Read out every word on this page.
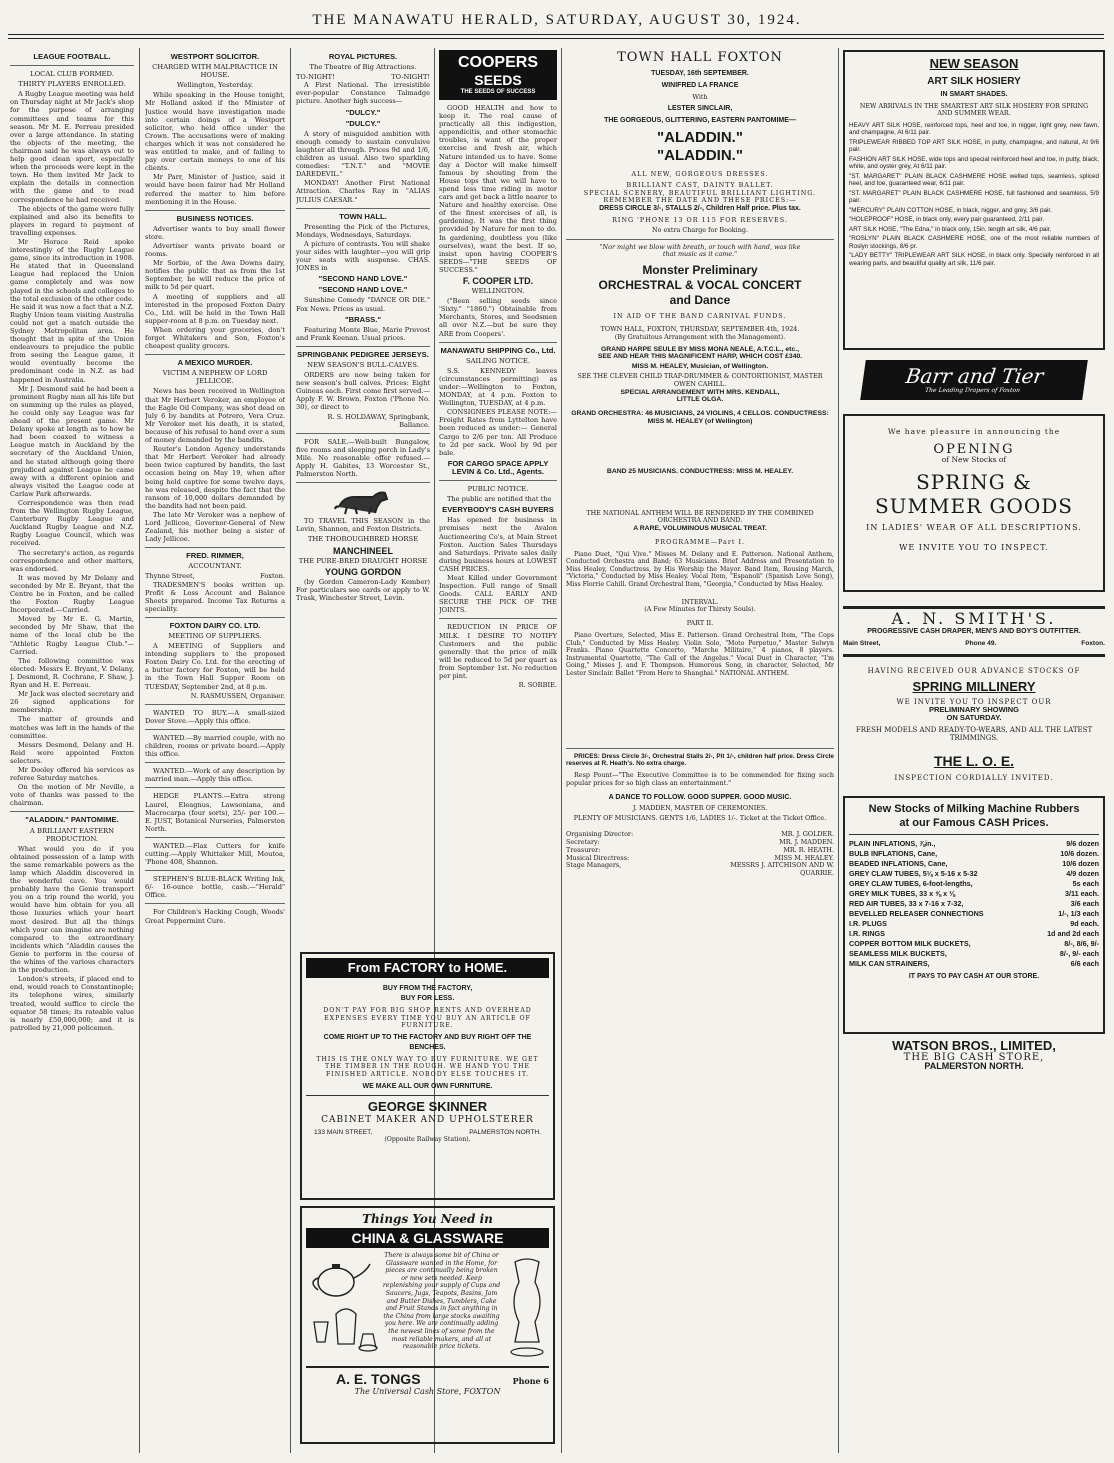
THE MANAWATU HERALD, SATURDAY, AUGUST 30, 1924.
LEAGUE FOOTBALL.
LOCAL CLUB FORMED.
THIRTY PLAYERS ENROLLED.
A Rugby League meeting was held on Thursday night at Mr Jack's shop for the purpose of arranging committees and teams for this season. Mr M. E. Perreau presided over a large attendance. In stating the objects of the meeting, the chairman said he was always out to help good clean sport, especially when the proceeds were kept in the town. He then invited Mr Jack to explain the details in connection with the game and to read correspondence he had received.
The objects of the game were fully explained and also its benefits to players in regard to payment of travelling expenses.
Mr Horace Reid spoke interestingly of the Rugby League game, since its introduction in 1908. He stated that in Queensland League had replaced the Union game completely and was now played in the schools and colleges to the total exclusion of the other code. He said it was now a fact that a N.Z. Rugby Union team visiting Australia could not get a match outside the Sydney Metropolitan area. He thought that in spite of the Union endeavours to prejudice the public from seeing the League game, it would eventually become the predominant code in N.Z. as had happened in Australia.
Mr J. Desmond said he had been a prominent Rugby man all his life but on summing up the rules as played, he could only say League was far ahead of the present game. Mr Delany spoke at length as to how he had been coaxed to witness a League match in Auckland by the secretary of the Auckland Union, and he stated although going there prejudiced against League he came away with a different opinion and always visited the League code at Carlaw Park afterwards.
Correspondence was then read from the Wellington Rugby League, Canterbury Rugby League and Auckland Rugby League and N.Z. Rugby League Council, which was received.
The secretary's action, as regards correspondence and other matters, was endorsed.
It was moved by Mr Delany and seconded by Mr E. Bryant, that the Centre be in Foxton, and be called the Foxton Rugby League Incorporated.—Carried.
Moved by Mr E. G. Martin, seconded by Mr Shaw, that the name of the local club be the "Athletic Rugby League Club."—Carried.
The following committee was elected: Messrs E. Bryant, V. Delany, J. Desmond, R. Cochrane, F. Shaw, J. Ryan and H. E. Perreau.
Mr Jack was elected secretary and 26 signed applications for membership.
The matter of grounds and matches was left in the hands of the committee.
Messrs Desmond, Delany and H. Reid were appointed Foxton selectors.
Mr Dooley offered his services as referee Saturday matches.
On the motion of Mr Neville, a vote of thanks was passed to the chairman.
"ALADDIN." PANTOMIME.
A BRILLIANT EASTERN PRODUCTION.
What would you do if you obtained possession of a lamp with the same remarkable powers as the lamp which Aladdin discovered in the wonderful cave. You would probably have the Genie transport you on a trip round the world, you would have him obtain for you all those luxuries which your heart most desired. But all the things which your can imagine are nothing compared to the extraordinary incidents which "Aladdin causes the Genie to perform in the course of the whims of the various characters in the production.
London's streets, if placed end to end, would reach to Constantinople; its telephone wires, similarly treated, would suffice to circle the equator 58 times; its rateable value is nearly £50,000,000; and it is patrolled by 21,000 policemen.
WESTPORT SOLICITOR.
CHARGED WITH MALPRACTICE IN HOUSE.
Wellington, Yesterday.
While speaking in the House tonight, Mr Holland asked if the Minister of Justice would have investigation made into certain doings of a Westport solicitor, who held office under the Crown. The accusations were of making charges which it was not considered he was entitled to make, and of failing to pay over certain moneys to one of his clients.
Mr Parr, Minister of Justice, said it would have been fairer had Mr Holland referred the matter to him before mentioning it in the House.
BUSINESS NOTICES.
Advertiser wants to buy small flower store.
Advertiser wants private board or rooms.
Mr Sorbie, of the Awa Downs dairy, notifies the public that as from the 1st September, he will reduce the price of milk to 5d per quart.
A meeting of suppliers and all interested in the proposed Foxton Dairy Co., Ltd. will be held in the Town Hall supper-room at 8 p.m. on Tuesday next.
When ordering your groceries, don't forget Whitakers and Son, Foxton's cheapest quality grocers.
A MEXICO MURDER.
VICTIM A NEPHEW OF LORD JELLICOE.
News has been received in Wellington that Mr Herbert Veroker, an employee of the Eagle Oil Company, was shot dead on July 6 by bandits at Potrero, Vera Cruz. Mr Veroker met his death, it is stated, because of his refusal to hand over a sum of money demanded by the bandits.
Reuter's London Agency understands that Mr Herbert Veroker had already been twice captured by bandits, the last occasion being on May 19, when after being held captive for some twelve days, he was released, despite the fact that the ransom of 10,000 dollars demanded by the bandits had not been paid.
The late Mr Veroker was a nephew of Lord Jellicoe, Governor-General of New Zealand, his mother being a sister of Lady Jellicoe.
FRED. RIMMER,
ACCOUNTANT.
Thynne Street,	Foxton.
TRADESMEN'S books written up. Profit & Loss Account and Balance Sheets prepared. Income Tax Returns a speciality.
FOXTON DAIRY CO. LTD.
MEETING OF SUPPLIERS.
A MEETING of Suppliers and intending suppliers to the proposed Foxton Dairy Co. Ltd. for the erecting of a butter factory for Foxton, will be held in the Town Hall Supper Room on TUESDAY, September 2nd, at 8 p.m.
N. RASMUSSEN, Organiser.
WANTED TO BUY.—A small-sized Dover Stove.—Apply this office.
WANTED.—By married couple, with no children, rooms or private board.—Apply this office.
WANTED.—Work of any description by married man.—Apply this office.
HEDGE PLANTS.—Extra strong Laurel, Eleagnus, Lawsoniana, and Macrocarpa (four sorts), 25/- per 100.—E. JUST, Botanical Nurseries, Palmerston North.
WANTED.—Flax Cutters for knife cutting.—Apply Whittaker Mill, Moutoa, 'Phone 408, Shannon.
STEPHEN'S BLUE-BLACK Writing Ink, 6/- 16-ounce bottle, cash.—"Herald" Office.
For Children's Hacking Cough, Woods' Great Peppermint Cure.
ROYAL PICTURES.
The Theatre of Big Attractions.
TO-NIGHT!	TO-NIGHT!
A First National. The irresistible ever-popular Constance Talmadge picture. Another high success—
"DULCY."
"DULCY."
A story of misguided ambition with enough comedy to sustain convulsive laughter all through. Prices 9d and 1/6, children as usual. Also two sparkling comedies: "T.N.T." and "MOVIE DAREDEVIL."
MONDAY! Another First National Attraction. Charles Ray in "ALIAS JULIUS CAESAR."
TOWN HALL.
Presenting the Pick of the Pictures, Mondays, Wednesdays, Saturdays.
A picture of contrasts. You will shake your sides with laughter—you will grip your seats with suspense. CHAS. JONES in
"SECOND HAND LOVE."
"SECOND HAND LOVE."
Sunshine Comedy "DANCE OR DIE." Fox News. Prices as usual.
"BRASS."
Featuring Monte Blue, Marie Prevost and Frank Keenan. Usual prices.
SPRINGBANK PEDIGREE JERSEYS.
NEW SEASON'S BULL-CALVES.
ORDERS are now being taken for new season's bull calves. Prices: Eight Guineas each. First come first served.—Apply F. W. Brown, Foxton ('Phone No. 30), or direct to
R. S. HOLDAWAY, Springbank, Ballance.
FOR SALE.—Well-built Bungalow, five rooms and sleeping porch in Lady's Mile. No reasonable offer refused.—Apply H. Gabites, 13 Worcester St., Palmerston North.
TO TRAVEL THIS SEASON in the Levin, Shannon, and Foxton Districts.
THE THOROUGHBRED HORSE
MANCHINEEL
THE PURE-BRED DRAUGHT HORSE
YOUNG GORDON
(by Gordon Cameron-Lady Kember) For particulars see cards or apply to W. Trask, Winchester Street, Levin.
COOPERS
SEEDS
THE SEEDS OF SUCCESS
GOOD HEALTH and how to keep it. The real cause of practically all this indigestion, appendicitis, and other stomachic troubles, is want of the proper exercise and fresh air, which Nature intended us to have. Some day a Doctor will make himself famous by shouting from the House tops that we will have to spend less time riding in motor cars and get back a little nearer to Nature and healthy exercise. One of the finest exercises of all, is gardening. It was the first thing provided by Nature for men to do. In gardening, doubtless you (like ourselves), want the best. If so, insist upon having COOPER'S SEEDS—"THE SEEDS OF SUCCESS."
F. COOPER LTD.
WELLINGTON.
("Been selling seeds since 'Sixty." "1860.") Obtainable from Merchants, Stores, and Seedsmen all over N.Z.—but be sure they ARE from Coopers'.
MANAWATU SHIPPING Co., Ltd.
SAILING NOTICE.
S.S. KENNEDY leaves (circumstances permitting) as under:—Wellington to Foxton, MONDAY, at 4 p.m. Foxton to Wellington, TUESDAY, at 4 p.m.
CONSIGNEES PLEASE NOTE:— Freight Rates from Lyttelton have been reduced as under:— General Cargo to 2/6 per ton. All Produce to 2d per sack. Wool by 9d per bale.
FOR CARGO SPACE APPLY LEVIN & Co. Ltd., Agents.
PUBLIC NOTICE.
The public are notified that the
EVERYBODY'S CASH BUYERS
Has opened for business in premises next the Avalon Auctioneering Co's, at Main Street Foxton. Auction Sales Thursdays and Saturdays. Private sales daily during business hours at LOWEST CASH PRICES.
Meat Killed under Government Inspection. Full range of Small Goods. CALL EARLY AND SECURE THE PICK OF THE JOINTS.
REDUCTION IN PRICE OF MILK. I DESIRE TO NOTIFY Customers and the public generally that the price of milk will be reduced to 5d per quart as from September 1st. No reduction per pint.
R. SORBIE.
From FACTORY to HOME.
BUY FROM THE FACTORY,
BUY FOR LESS.
DON'T PAY FOR BIG SHOP RENTS AND OVERHEAD EXPENSES EVERY TIME YOU BUY AN ARTICLE OF FURNITURE.
COME RIGHT UP TO THE FACTORY AND BUY RIGHT OFF THE BENCHES.
THIS IS THE ONLY WAY TO BUY FURNITURE. WE GET THE TIMBER IN THE ROUGH. WE HAND YOU THE FINISHED ARTICLE. NOBODY ELSE TOUCHES IT.
WE MAKE ALL OUR OWN FURNITURE.
GEORGE SKINNER
CABINET MAKER AND UPHOLSTERER
133 MAIN STREET,	PALMERSTON NORTH.
(Opposite Railway Station).
Things You Need in
CHINA & GLASSWARE
There is always some bit of China or Glassware wanted in the Home, for pieces are continually being broken or new sets needed. Keep replenishing your supply of Cups and Saucers, Jugs, Teapots, Basins, Jam and Butter Dishes, Tumblers, Cake and Fruit Stands in fact anything in the China from large stocks awaiting you here. We are continually adding the newest lines of some from the most reliable makers, and all at reasonable price tickets.
A. E. TONGS	Phone 6
The Universal Cash Store, FOXTON
TOWN HALL FOXTON
TUESDAY, 16th SEPTEMBER.
WINIFRED LA FRANCE
With
LESTER SINCLAIR,
THE GORGEOUS, GLITTERING, EASTERN PANTOMIME—
"ALADDIN."
"ALADDIN."
ALL NEW, GORGEOUS DRESSES.
BRILLIANT CAST, DAINTY BALLET.
SPECIAL SCENERY, BEAUTIFUL BRILLIANT LIGHTING.
REMEMBER THE DATE AND THESE PRICES:—
DRESS CIRCLE 3/-, STALLS 2/-, Children Half price. Plus tax.
RING 'PHONE 13 OR 115 FOR RESERVES.
No extra Charge for Booking.
"Nor might we blow with breath, or touch with hand, was like that music as it came."
Monster Preliminary
ORCHESTRAL & VOCAL CONCERT
and Dance
IN AID OF THE BAND CARNIVAL FUNDS.
TOWN HALL, FOXTON, THURSDAY, SEPTEMBER 4th, 1924.
(By Gratuitous Arrangement with the Management).
GRAND HARPE SEULE BY MISS MONA NEALE, A.T.C.L., etc.,
SEE AND HEAR THIS MAGNIFICENT HARP, WHICH COST £340.
MISS M. HEALEY, Musician, of Wellington.
SEE THE CLEVER CHILD TRAP-DRUMMER & CONTORTIONIST, MASTER OWEN CAHILL.
SPECIAL ARRANGEMENT WITH MRS. KENDALL,
LITTLE OLGA.
GRAND ORCHESTRA: 46 MUSICIANS, 24 VIOLINS, 4 CELLOS. CONDUCTRESS: MISS M. HEALEY (of Wellington)
BAND 25 MUSICIANS. CONDUCTRESS: MISS M. HEALEY.
THE NATIONAL ANTHEM WILL BE RENDERED BY THE COMBINED ORCHESTRA AND BAND.
A RARE, VOLUMINOUS MUSICAL TREAT.
PROGRAMME—Part I.
Piano Duet, "Qui Vive." Misses M. Delany and E. Patterson. National Anthem, Conducted Orchestra and Band; 63 Musicians. Brief Address and Presentation to Miss Healey, Conductress, by His Worship the Mayor. Band Item, Rousing March, "Victoria," Conducted by Miss Healey. Vocal Item, "Espanoli" (Spanish Love Song), Miss Florrie Cahill. Grand Orchestral Item, "Georgia," Conducted by Miss Healey.
INTERVAL.
(A Few Minutes for Thirsty Souls).
PART II.
Piano Overture, Selected, Miss E. Patterson. Grand Orchestral Item, "The Cops Club," Conducted by Miss Healey. Violin Solo, "Moto Perpetuo," Master Selwyn Franks. Piano Quartette Concerto, "Marche Militaire," 4 pianos, 8 players. Instrumental Quartette, "The Call of the Angelus." Vocal Duet in Character, "I'm Going," Misses J. and F. Thompson. Humorous Song, in character, Selected, Mr Lester Sinclair. Ballet "From Here to Shanghai." NATIONAL ANTHEM.
PRICES: Dress Circle 3/-, Orchestral Stalls 2/-, Pit 1/-, children half price. Dress Circle reserves at R. Heath's. No extra charge.
Resp Pount—"The Executive Committee is to be commended for fixing such popular prices for so high class an entertainment."
A DANCE TO FOLLOW. GOOD SUPPER. GOOD MUSIC.
J. MADDEN, MASTER OF CEREMONIES.
PLENTY OF MUSICIANS. GENTS 1/6, LADIES 1/-. Ticket at the Ticket Office.
Organising Director:	MR. J. GOLDER.
Secretary:	MR. J. MADDEN.
Treasurer:	MR. R. HEATH.
Musical Directress:	MISS M. HEALEY.
Stage Managers,	MESSRS J. AITCHISON AND W. QUARRIE.
NEW SEASON
ART SILK HOSIERY
IN SMART SHADES.
NEW ARRIVALS IN THE SMARTEST ART SILK HOSIERY FOR SPRING AND SUMMER WEAR.
HEAVY ART SILK HOSE, reinforced tops, heel and toe, in nigger, light grey, new fawn, and champagne, At 6/11 pair.
TRIPLEWEAR RIBBED TOP ART SILK HOSE, in putty, champagne, and natural, At 9/6 pair.
FASHION ART SILK HOSE, wide tops and special reinforced heel and toe, in putty, black, white, and oyster grey, At 6/11 pair.
"ST. MARGARET" PLAIN BLACK CASHMERE HOSE welted tops, seamless, spliced heel, and toe, guaranteed wear, 6/11 pair.
"ST. MARGARET" PLAIN BLACK CASHMERE HOSE, full fashioned and seamless, 5/9 pair.
"MERCURY" PLAIN COTTON HOSE, in black, nigger, and grey, 3/6 pair.
"HOLEPROOF" HOSE, in black only, every pair guaranteed, 2/11 pair.
ART SILK HOSE, "The Edna," in black only, 15in. length art silk, 4/6 pair.
"ROSLYN" PLAIN BLACK CASHMERE HOSE, one of the most reliable numbers of Roslyn stockings, 8/6 pr.
"LADY BETTY" TRIPLEWEAR ART SILK HOSE, in black only. Specially reinforced in all wearing parts, and beautiful quality art silk, 11/6 pair.
Barr and Tier
The Leading Drapers of Foxton
We have pleasure in announcing the
OPENING
of New Stocks of
SPRING & SUMMER GOODS
IN LADIES' WEAR OF ALL DESCRIPTIONS.
WE INVITE YOU TO INSPECT.
A. N. SMITH'S.
PROGRESSIVE CASH DRAPER, MEN'S AND BOY'S OUTFITTER.
Main Street,	Phone 49.	Foxton.
HAVING RECEIVED OUR ADVANCE STOCKS OF
SPRING MILLINERY
WE INVITE YOU TO INSPECT OUR
PRELIMINARY SHOWING
ON SATURDAY.
FRESH MODELS AND READY-TO-WEARS, AND ALL THE LATEST TRIMMINGS.
THE L. O. E.
INSPECTION CORDIALLY INVITED.
New Stocks of Milking Machine Rubbers
at our Famous CASH Prices.
PLAIN INFLATIONS, ⅞in.,	9/6 dozen
BULB INFLATIONS, Cane,	10/6 dozen.
BEADED INFLATIONS, Cane,	10/6 dozen
GREY CLAW TUBES, 5⅛ x 5-16 x 5-32	4/9 dozen
GREY CLAW TUBES, 6-foot-lengths,	5s each
GREY MILK TUBES, 33 x ⅝ x ⅛	3/11 each.
RED AIR TUBES, 33 x 7-16 x 7-32,	3/6 each
BEVELLED RELEASER CONNECTIONS	1/-, 1/3 each
I.R. PLUGS	9d each.
I.R. RINGS	1d and 2d each
COPPER BOTTOM MILK BUCKETS,	8/-, 8/6, 9/-
SEAMLESS MILK BUCKETS,	8/-, 9/- each
MILK CAN STRAINERS,	6/6 each
IT PAYS TO PAY CASH AT OUR STORE.
WATSON BROS., LIMITED,
THE BIG CASH STORE,
PALMERSTON NORTH.
